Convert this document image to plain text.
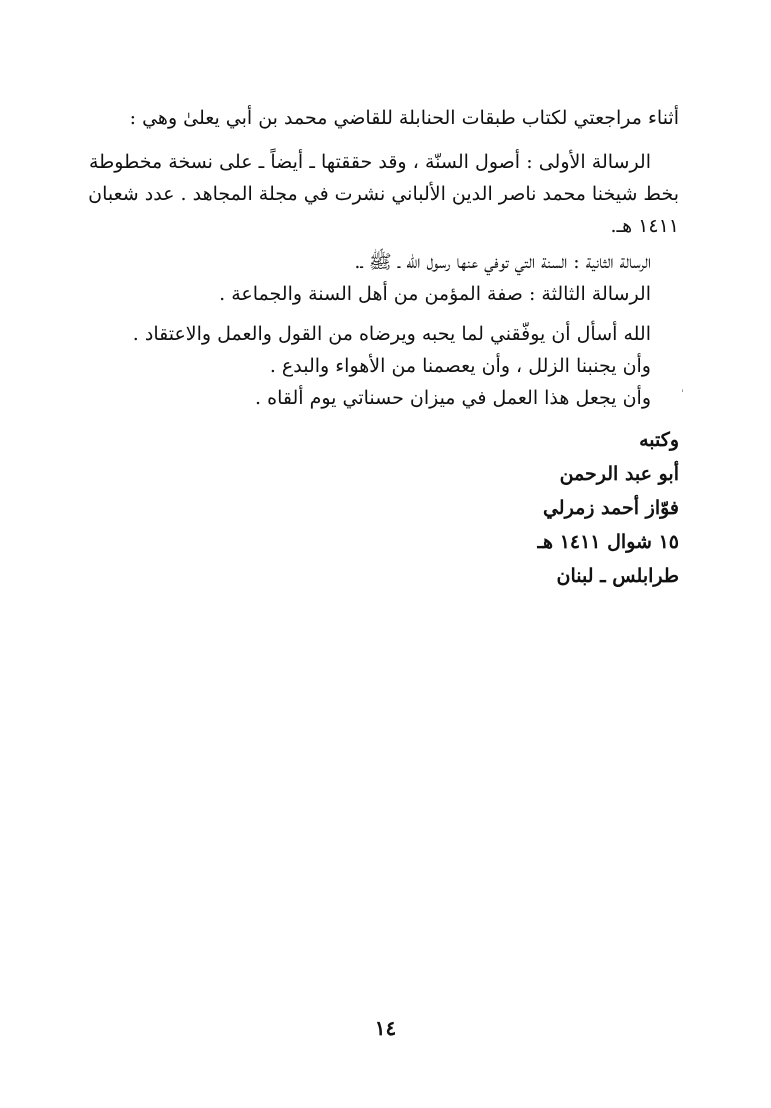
أثناء مراجعتي لكتاب طبقات الحنابلة للقاضي محمد بن أبي يعلىٰ وهي :
الرسالة الأولى : أصول السنّة ، وقد حققتها ـ أيضاً ـ على نسخة مخطوطة
بخط شيخنا محمد ناصر الدين الألباني نشرت في مجلة المجاهد . عدد شعبان
١٤١١ هـ.
الرسالة الثانية : السنة التي توفي عنها رسول الله ـ ﷺ ـ.
الرسالة الثالثة : صفة المؤمن من أهل السنة والجماعة .
الله أسأل أن يوفّقني لما يحبه ويرضاه من القول والعمل والاعتقاد .
وأن يجنبنا الزلل ، وأن يعصمنا من الأهواء والبدع .
وأن يجعل هذا العمل في ميزان حسناتي يوم ألقاه .
وكتبه
أبو عبد الرحمن
فوّاز أحمد زمرلي
١٥ شوال ١٤١١ هـ
طرابلس ـ لبنان
ˈ
١٤
